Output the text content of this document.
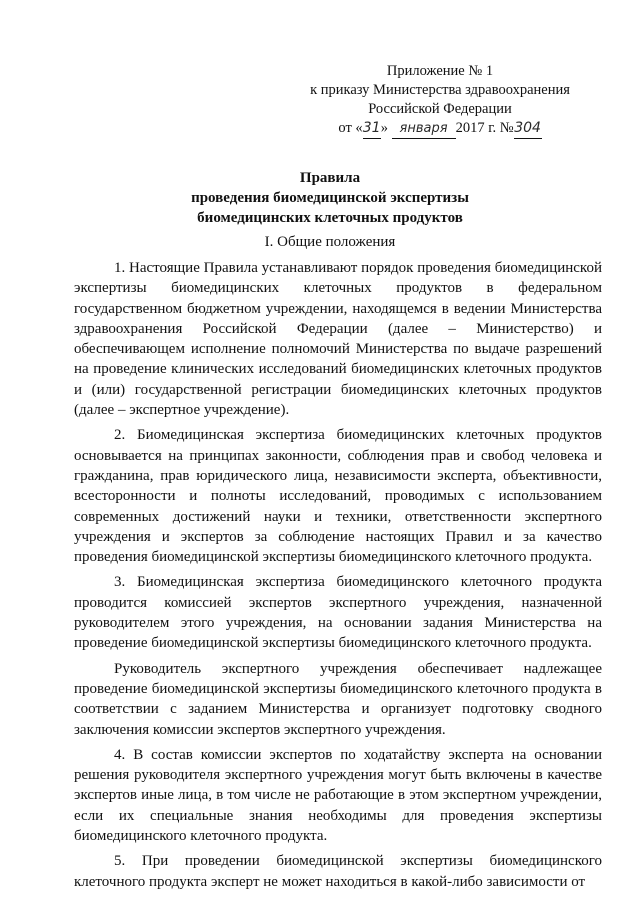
Приложение № 1
к приказу Министерства здравоохранения
Российской Федерации
от «31» января 2017 г. №304
Правила
проведения биомедицинской экспертизы
биомедицинских клеточных продуктов
I. Общие положения

1. Настоящие Правила устанавливают порядок проведения биомедицинской экспертизы биомедицинских клеточных продуктов в федеральном государственном бюджетном учреждении, находящемся в ведении Министерства здравоохранения Российской Федерации (далее – Министерство) и обеспечивающем исполнение полномочий Министерства по выдаче разрешений на проведение клинических исследований биомедицинских клеточных продуктов и (или) государственной регистрации биомедицинских клеточных продуктов (далее – экспертное учреждение).

2. Биомедицинская экспертиза биомедицинских клеточных продуктов основывается на принципах законности, соблюдения прав и свобод человека и гражданина, прав юридического лица, независимости эксперта, объективности, всесторонности и полноты исследований, проводимых с использованием современных достижений науки и техники, ответственности экспертного учреждения и экспертов за соблюдение настоящих Правил и за качество проведения биомедицинской экспертизы биомедицинского клеточного продукта.

3. Биомедицинская экспертиза биомедицинского клеточного продукта проводится комиссией экспертов экспертного учреждения, назначенной руководителем этого учреждения, на основании задания Министерства на проведение биомедицинской экспертизы биомедицинского клеточного продукта.

Руководитель экспертного учреждения обеспечивает надлежащее проведение биомедицинской экспертизы биомедицинского клеточного продукта в соответствии с заданием Министерства и организует подготовку сводного заключения комиссии экспертов экспертного учреждения.

4. В состав комиссии экспертов по ходатайству эксперта на основании решения руководителя экспертного учреждения могут быть включены в качестве экспертов иные лица, в том числе не работающие в этом экспертном учреждении, если их специальные знания необходимы для проведения экспертизы биомедицинского клеточного продукта.

5. При проведении биомедицинской экспертизы биомедицинского клеточного продукта эксперт не может находиться в какой-либо зависимости от
